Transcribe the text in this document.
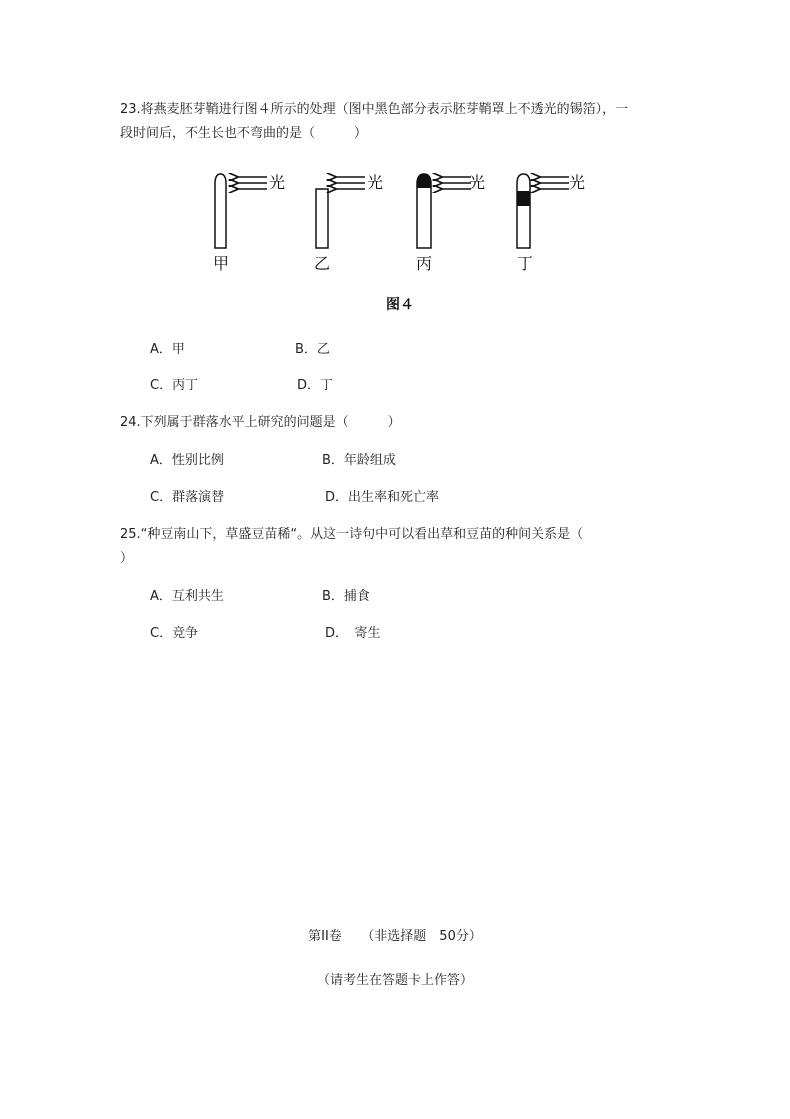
23.将燕麦胚芽鞘进行图４所示的处理（图中黑色部分表示胚芽鞘罩上不透光的锡箔），一
段时间后，不生长也不弯曲的是（　　　）
光	光	光	光
甲	乙	丙	丁
图４
A．甲	B．乙
C．丙丁	D．丁
24.下列属于群落水平上研究的问题是（　　　）
A．性别比例	B．年龄组成
C．群落演替	D．出生率和死亡率
25.“种豆南山下，草盛豆苗稀“。从这一诗句中可以看出草和豆苗的种间关系是（
）
A．互利共生	B．捕食
C．竞争	D．　寄生
第II卷　　（非选择题　50分）
（请考生在答题卡上作答）
